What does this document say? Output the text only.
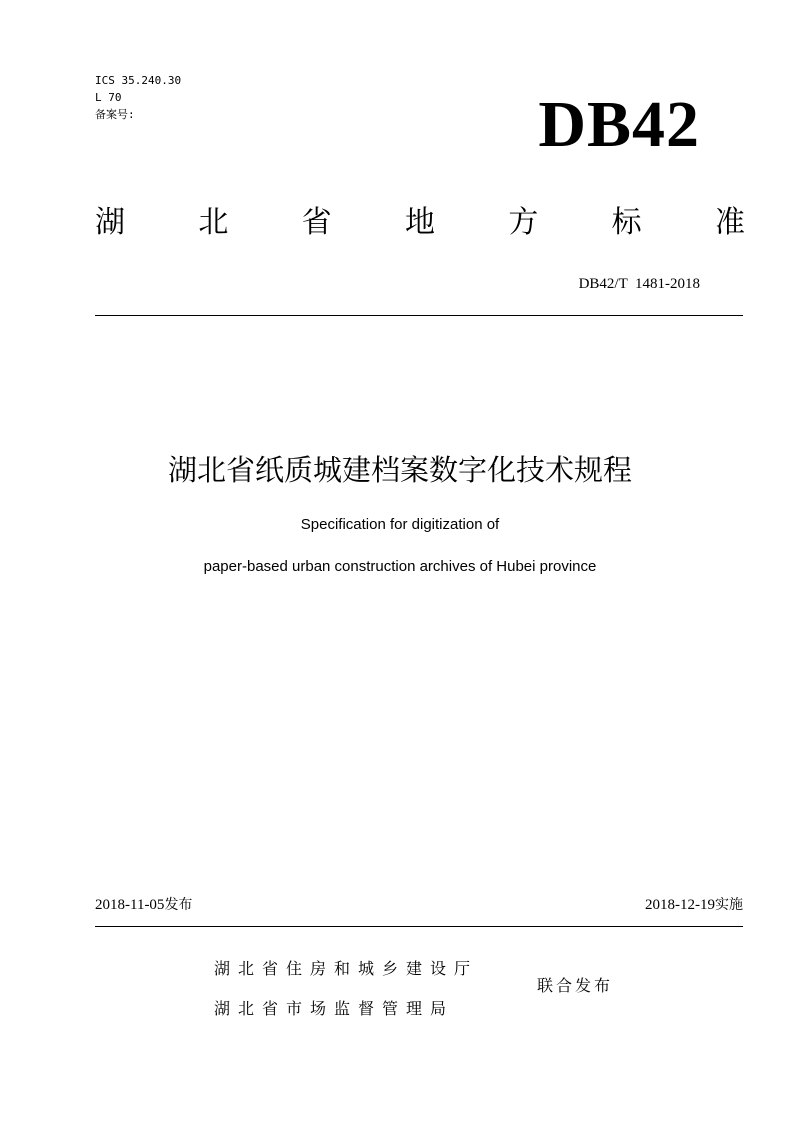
ICS 35.240.30
L 70
备案号:	DB42
湖 北 省 地 方 标 准
DB42/T  1481-2018
湖北省纸质城建档案数字化技术规程
Specification for digitization of
paper-based urban construction archives of Hubei province
2018-11-05发布	2018-12-19实施
湖北省住房和城乡建设厅
湖北省市场监督管理局
联合发布
